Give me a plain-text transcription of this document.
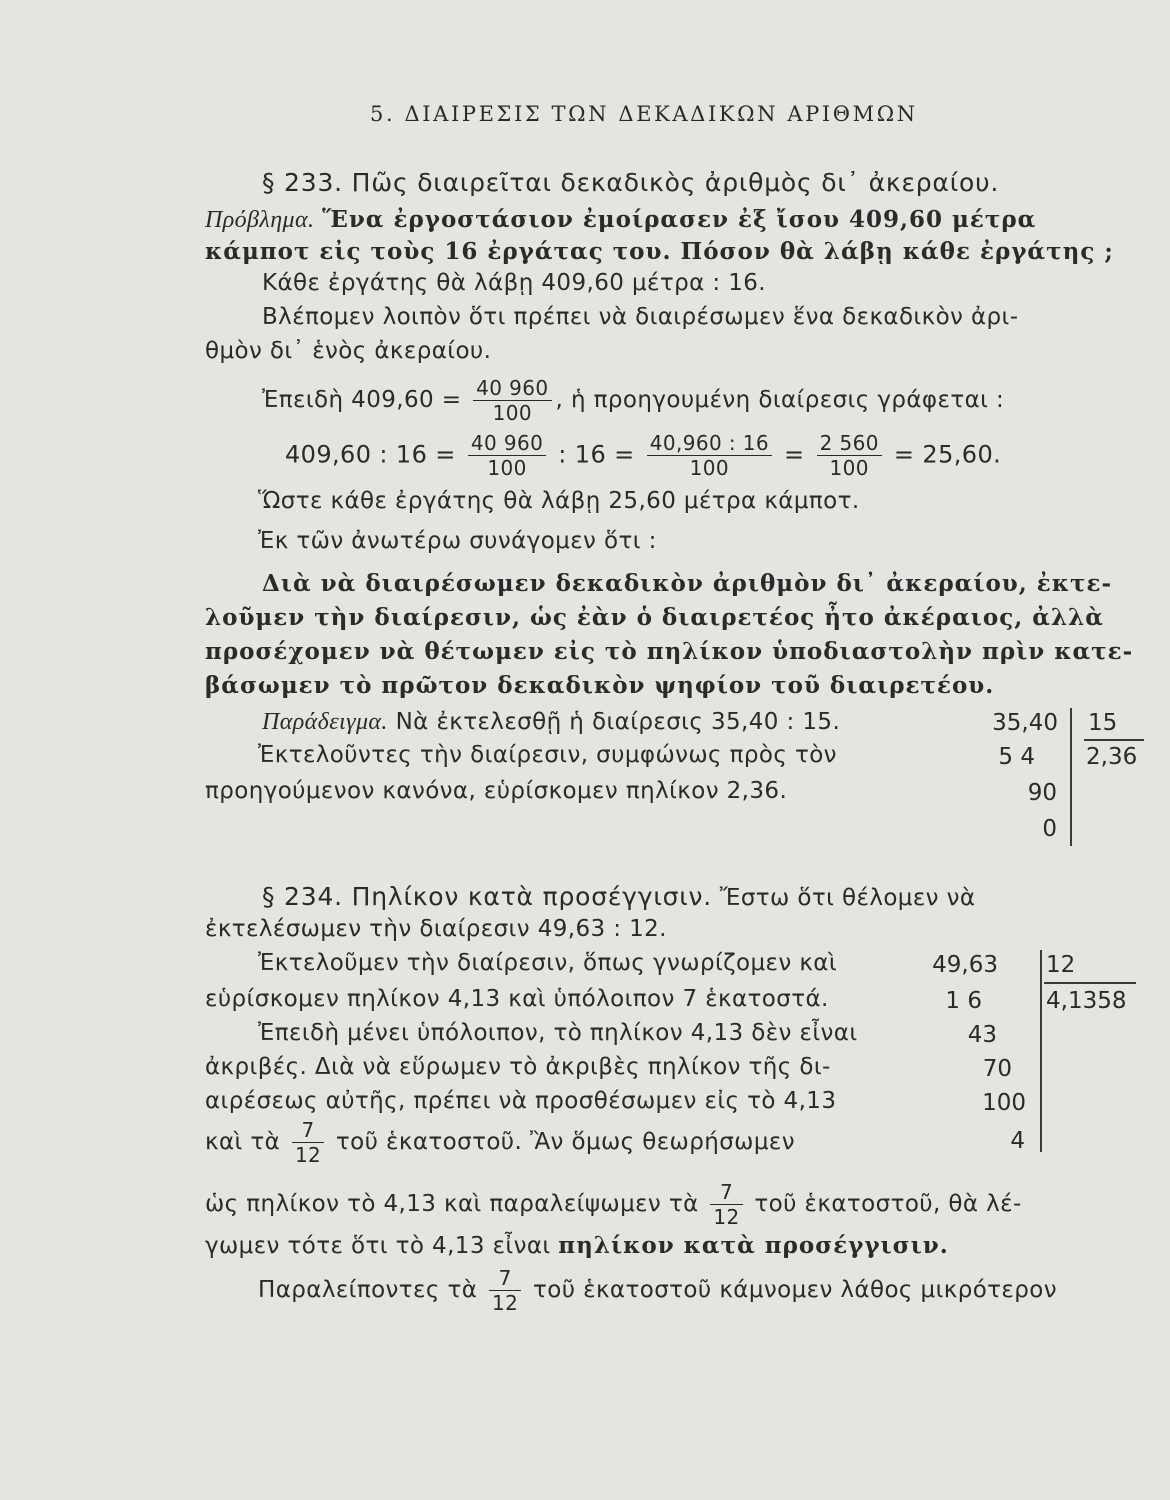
5. ΔΙΑΙΡΕΣΙΣ ΤΩΝ ΔΕΚΑΔΙΚΩΝ ΑΡΙΘΜΩΝ
§ 233. Πῶς διαιρεῖται δεκαδικὸς ἀριθμὸς δι᾿ ἀκεραίου.
Πρόβλημα. Ἕνα ἐργοστάσιον ἐμοίρασεν ἐξ ἴσου 409,60 μέτρα
κάμποτ εἰς τοὺς 16 ἐργάτας του. Πόσον θὰ λάβῃ κάθε ἐργάτης ;
Κάθε ἐργάτης θὰ λάβῃ 409,60 μέτρα : 16.
Βλέπομεν λοιπὸν ὅτι πρέπει νὰ διαιρέσωμεν ἕνα δεκαδικὸν ἀρι-
θμὸν δι᾿ ἑνὸς ἀκεραίου.
Ἐπειδὴ $409,60 = \frac{40 960}{100}$ , ἡ προηγουμένη διαίρεσις γράφεται :
409,60 : $16 = \frac{40 960}{100}$ : $16 = \frac{40,960 : 16}{100} = \frac{2 560}{100} = 25,60$.
Ὥστε κάθε ἐργάτης θὰ λάβῃ 25,60 μέτρα κάμποτ.
Ἐκ τῶν ἀνωτέρω συνάγομεν ὅτι :
Διὰ νὰ διαιρέσωμεν δεκαδικὸν ἀριθμὸν δι᾿ ἀκεραίου, ἐκτε-
λοῦμεν τὴν διαίρεσιν, ὡς ἐὰν ὁ διαιρετέος ἦτο ἀκέραιος, ἀλλὰ
προσέχομεν νὰ θέτωμεν εἰς τὸ πηλίκον ὑποδιαστολὴν πρὶν κατε-
βάσωμεν τὸ πρῶτον δεκαδικὸν ψηφίον τοῦ διαιρετέου.
Παράδειγμα. Νὰ ἐκτελεσθῇ ἡ διαίρεσις 35,40 : 15.
Ἐκτελοῦντες τὴν διαίρεσιν, συμφώνως πρὸς τὸν
προηγούμενον κανόνα, εὑρίσκομεν πηλίκον 2,36.
35,40
5 4
90
0
15
2,36
§ 234. Πηλίκον κατὰ προσέγγισιν. Ἔστω ὅτι θέλομεν νὰ
ἐκτελέσωμεν τὴν διαίρεσιν 49,63 : 12.
Ἐκτελοῦμεν τὴν διαίρεσιν, ὅπως γνωρίζομεν καὶ
εὑρίσκομεν πηλίκον 4,13 καὶ ὑπόλοιπον 7 ἑκατοστά.
Ἐπειδὴ μένει ὑπόλοιπον, τὸ πηλίκον 4,13 δὲν εἶναι
ἀκριβές. Διὰ νὰ εὕρωμεν τὸ ἀκριβὲς πηλίκον τῆς δι-
αιρέσεως αὐτῆς, πρέπει νὰ προσθέσωμεν εἰς τὸ 4,13
καὶ τὰ $\frac{7}{12}$ τοῦ ἑκατοστοῦ. Ἂν ὅμως θεωρήσωμεν
49,63
1 6
43
70
100
4
12
4,1358
ὡς πηλίκον τὸ 4,13 καὶ παραλείψωμεν τὰ $\frac{7}{12}$ τοῦ ἑκατοστοῦ, θὰ λέ-
γωμεν τότε ὅτι τὸ 4,13 εἶναι πηλίκον κατὰ προσέγγισιν.
Παραλείποντες τὰ $\frac{7}{12}$ τοῦ ἑκατοστοῦ κάμνομεν λάθος μικρότερον
